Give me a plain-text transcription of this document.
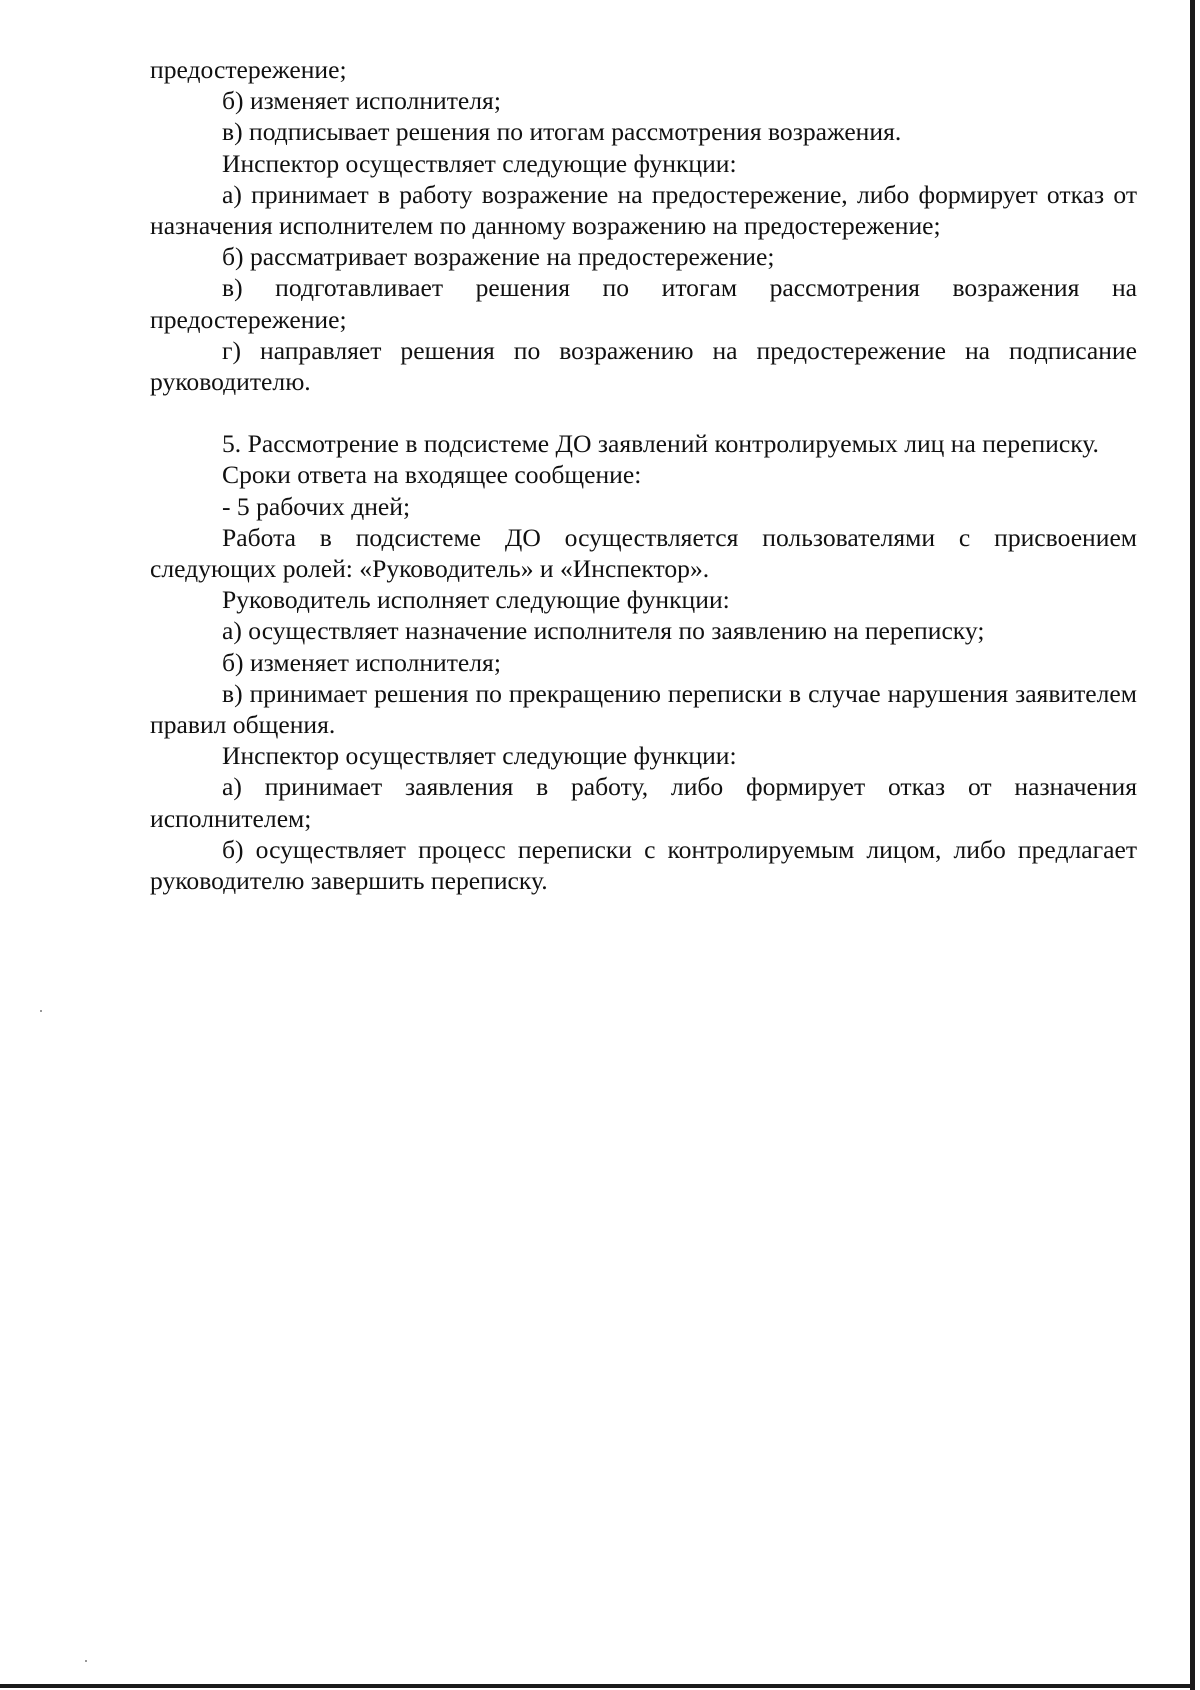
предостережение;

б) изменяет исполнителя;

в) подписывает решения по итогам рассмотрения возражения.

Инспектор осуществляет следующие функции:

а) принимает в работу возражение на предостережение, либо формирует отказ от назначения исполнителем по данному возражению на предостережение;

б) рассматривает возражение на предостережение;

в) подготавливает решения по итогам рассмотрения возражения на предостережение;

г) направляет решения по возражению на предостережение на подписание руководителю.

5. Рассмотрение в подсистеме ДО заявлений контролируемых лиц на переписку.

Сроки ответа на входящее сообщение:

- 5 рабочих дней;

Работа в подсистеме ДО осуществляется пользователями с присвоением следующих ролей: «Руководитель» и «Инспектор».

Руководитель исполняет следующие функции:

а) осуществляет назначение исполнителя по заявлению на переписку;

б) изменяет исполнителя;

в) принимает решения по прекращению переписки в случае нарушения заявителем правил общения.

Инспектор осуществляет следующие функции:

а) принимает заявления в работу, либо формирует отказ от назначения исполнителем;

б) осуществляет процесс переписки с контролируемым лицом, либо предлагает руководителю завершить переписку.
